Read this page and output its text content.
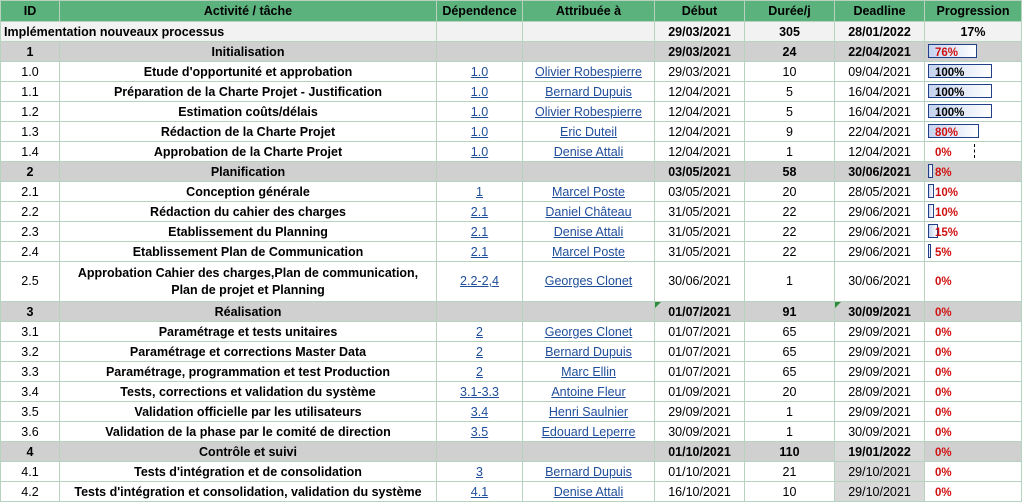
ID	Activité / tâche	Dépendence	Attribuée à	Début	Durée/j	Deadline	Progression
Implémentation nouveaux processus				29/03/2021	305	28/01/2022	17%
1	Initialisation			29/03/2021	24	22/04/2021	76%
1.0	Etude d'opportunité et approbation	1.0	Olivier Robespierre	29/03/2021	10	09/04/2021	100%
1.1	Préparation de la Charte Projet - Justification	1.0	Bernard Dupuis	12/04/2021	5	16/04/2021	100%
1.2	Estimation coûts/délais	1.0	Olivier Robespierre	12/04/2021	5	16/04/2021	100%
1.3	Rédaction de la Charte Projet	1.0	Eric Duteil	12/04/2021	9	22/04/2021	80%
1.4	Approbation de la Charte Projet	1.0	Denise Attali	12/04/2021	1	12/04/2021	0%

2	Planification			03/05/2021	58	30/06/2021	8%
2.1	Conception générale	1	Marcel Poste	03/05/2021	20	28/05/2021	10%
2.2	Rédaction du cahier des charges	2.1	Daniel Château	31/05/2021	22	29/06/2021	10%
2.3	Etablissement du Planning	2.1	Denise Attali	31/05/2021	22	29/06/2021	15%
2.4	Etablissement Plan de Communication	2.1	Marcel Poste	31/05/2021	22	29/06/2021	5%
2.5	Approbation Cahier des charges,Plan de communication, Plan de projet et Planning	2.2-2,4	Georges Clonet	30/06/2021	1	30/06/2021	0%
3	Réalisation			01/07/2021	91	30/09/2021	0%
3.1	Paramétrage et tests unitaires	2	Georges Clonet	01/07/2021	65	29/09/2021	0%
3.2	Paramétrage et corrections Master Data	2	Bernard Dupuis	01/07/2021	65	29/09/2021	0%
3.3	Paramétrage, programmation et test Production	2	Marc Ellin	01/07/2021	65	29/09/2021	0%
3.4	Tests, corrections et validation du système	3.1-3.3	Antoine Fleur	01/09/2021	20	28/09/2021	0%
3.5	Validation officielle par les utilisateurs	3.4	Henri Saulnier	29/09/2021	1	29/09/2021	0%
3.6	Validation de la phase par le comité de direction	3.5	Edouard Leperre	30/09/2021	1	30/09/2021	0%
4	Contrôle et suivi			01/10/2021	110	19/01/2022	0%
4.1	Tests d'intégration et de consolidation	3	Bernard Dupuis	01/10/2021	21	29/10/2021	0%
4.2	Tests d'intégration et consolidation, validation du système	4.1	Denise Attali	16/10/2021	10	29/10/2021	0%
